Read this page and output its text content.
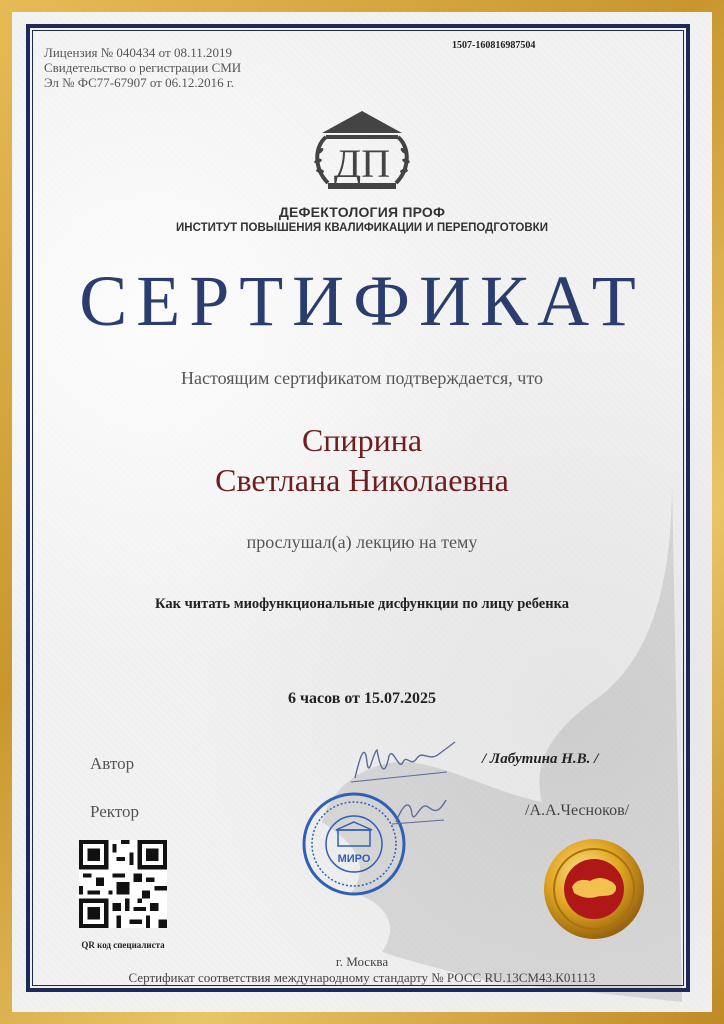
Лицензия № 040434 от 08.11.2019
Свидетельство о регистрации СМИ
Эл № ФС77-67907 от 06.12.2016 г.
1507-160816987504
ДП
ДЕФЕКТОЛОГИЯ ПРОФ
ИНСТИТУТ ПОВЫШЕНИЯ КВАЛИФИКАЦИИ И ПЕРЕПОДГОТОВКИ
СЕРТИФИКАТ
Настоящим сертификатом подтверждается, что
Спирина
Светлана Николаевна
прослушал(а) лекцию на тему
Как читать миофункциональные дисфункции по лицу ребенка
6 часов от 15.07.2025
Автор	/ Лабутина Н.В. /
Ректор
МИРО
/А.А.Чесноков/
QR код специалиста
г. Москва
Сертификат соответствия международному стандарту № РОСС RU.13СМ43.К01113
